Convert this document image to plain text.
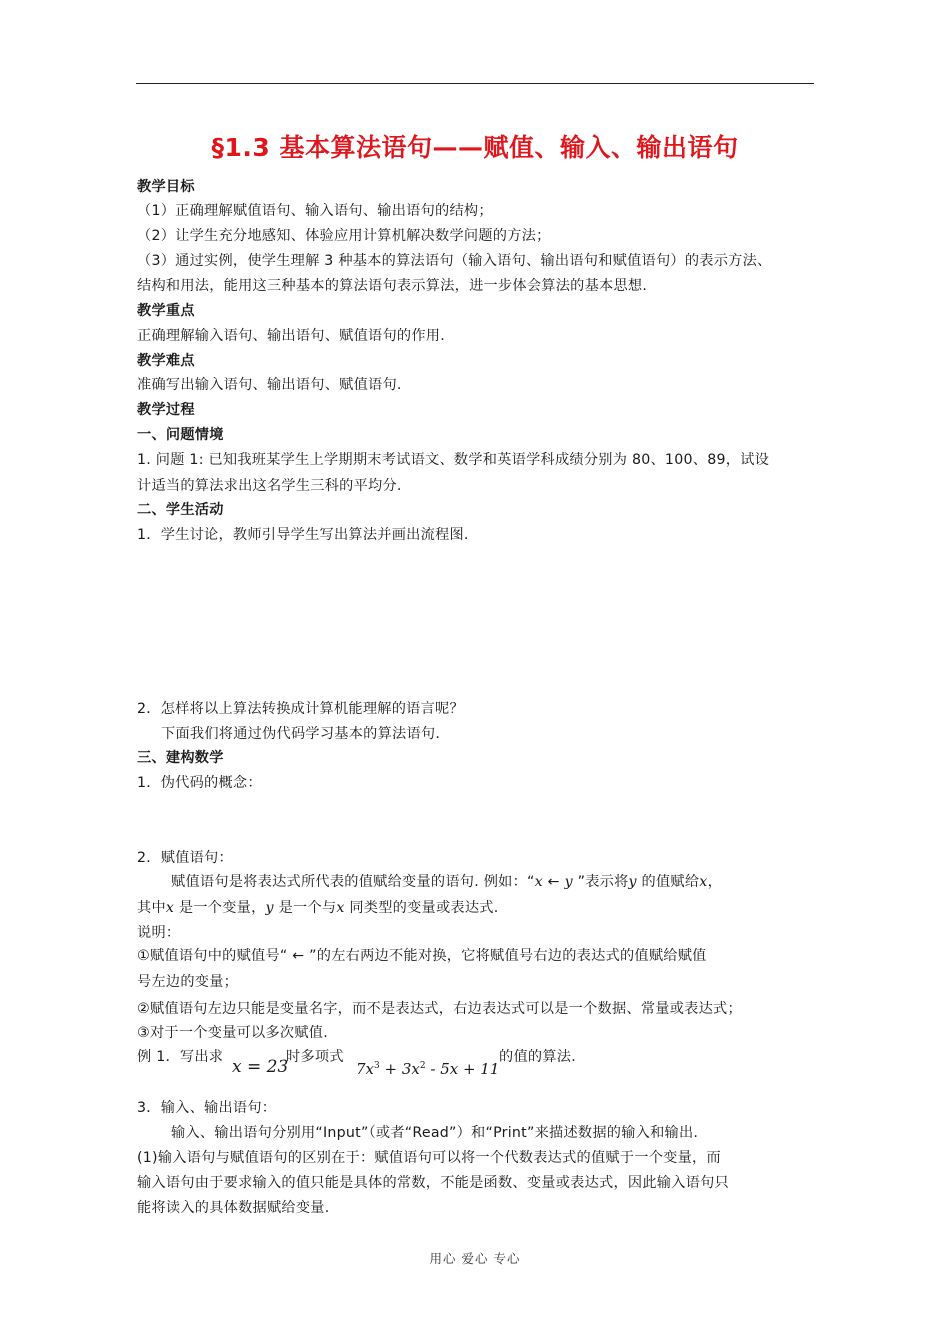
§1.3 基本算法语句——赋值、输入、输出语句
教学目标
（1）正确理解赋值语句、输入语句、输出语句的结构；
（2）让学生充分地感知、体验应用计算机解决数学问题的方法；
（3）通过实例，使学生理解 3 种基本的算法语句（输入语句、输出语句和赋值语句）的表示方法、
结构和用法，能用这三种基本的算法语句表示算法，进一步体会算法的基本思想.
教学重点
正确理解输入语句、输出语句、赋值语句的作用.
教学难点
准确写出输入语句、输出语句、赋值语句.
教学过程
一、问题情境
1. 问题 1: 已知我班某学生上学期期末考试语文、数学和英语学科成绩分别为 80、100、89，试设
计适当的算法求出这名学生三科的平均分.
二、学生活动
1．学生讨论，教师引导学生写出算法并画出流程图.
2．怎样将以上算法转换成计算机能理解的语言呢？
下面我们将通过伪代码学习基本的算法语句.
三、建构数学
1．伪代码的概念：
2．赋值语句：
赋值语句是将表达式所代表的值赋给变量的语句. 例如：“x ← y ”表示将y 的值赋给x，
其中x 是一个变量，y 是一个与x 同类型的变量或表达式.
说明：
①赋值语句中的赋值号“ ← ”的左右两边不能对换，它将赋值号右边的表达式的值赋给赋值
号左边的变量；
②赋值语句左边只能是变量名字，而不是表达式，右边表达式可以是一个数据、常量或表达式；
③对于一个变量可以多次赋值.
例 1．写出求 x = 23
时多项式
$7x^3 + 3x^2 - 5x + 11$
的值的算法.
3．输入、输出语句：
输入、输出语句分别用“Input”（或者“Read”）和“Print”来描述数据的输入和输出.
(1)输入语句与赋值语句的区别在于：赋值语句可以将一个代数表达式的值赋于一个变量，而
输入语句由于要求输入的值只能是具体的常数，不能是函数、变量或表达式，因此输入语句只
能将读入的具体数据赋给变量.
用心 爱心 专心
